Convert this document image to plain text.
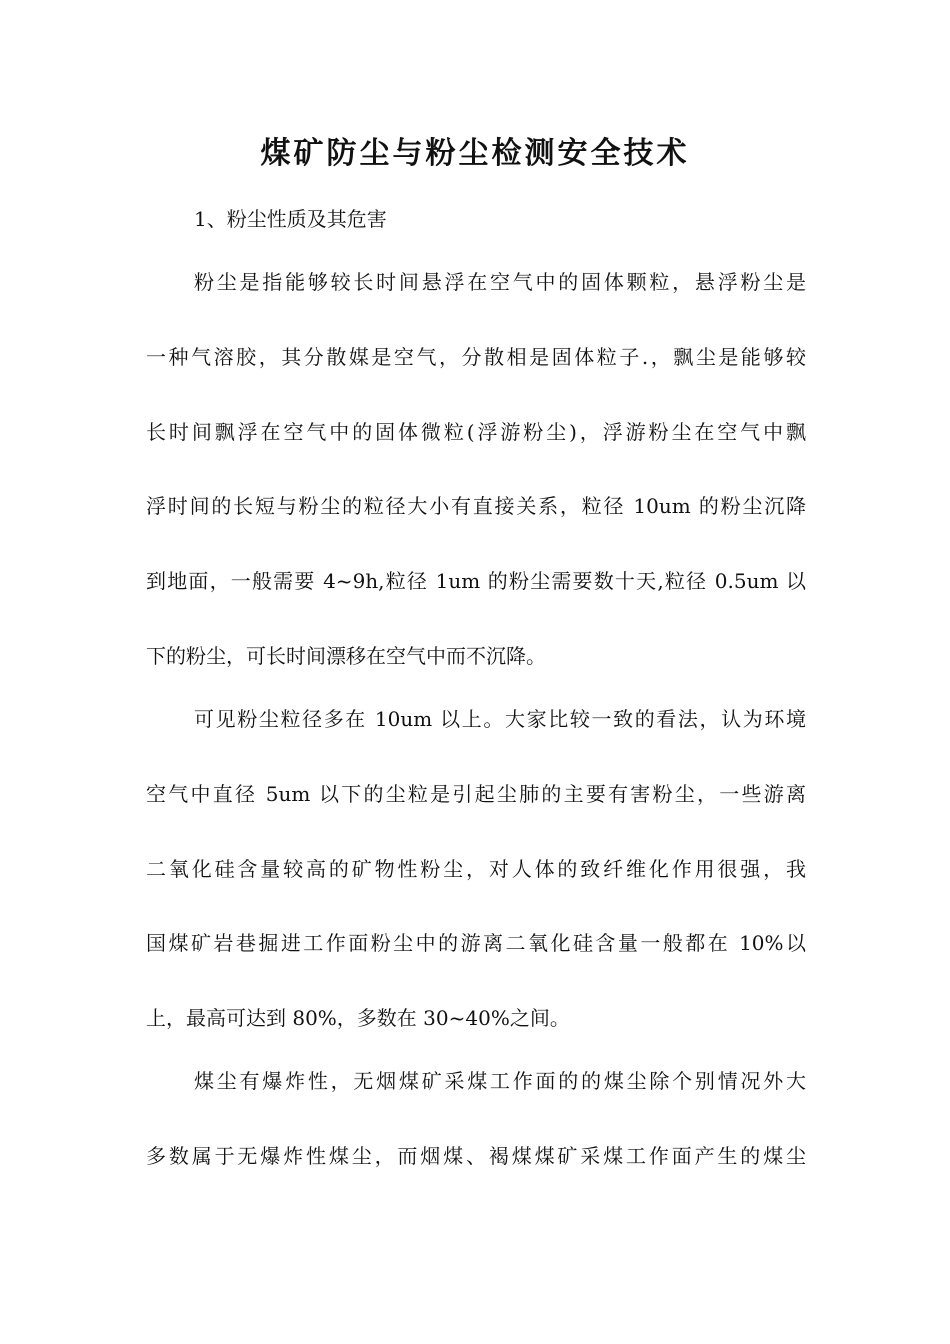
煤矿防尘与粉尘检测安全技术

1、粉尘性质及其危害

粉尘是指能够较长时间悬浮在空气中的固体颗粒，悬浮粉尘是

一种气溶胶，其分散媒是空气，分散相是固体粒子.，飘尘是能够较

长时间飘浮在空气中的固体微粒(浮游粉尘)，浮游粉尘在空气中飘

浮时间的长短与粉尘的粒径大小有直接关系，粒径 10um 的粉尘沉降

到地面，一般需要 4~9h,粒径 1um 的粉尘需要数十天,粒径 0.5um 以

下的粉尘，可长时间漂移在空气中而不沉降。

可见粉尘粒径多在 10um 以上。大家比较一致的看法，认为环境

空气中直径 5um 以下的尘粒是引起尘肺的主要有害粉尘，一些游离

二氧化硅含量较高的矿物性粉尘，对人体的致纤维化作用很强，我

国煤矿岩巷掘进工作面粉尘中的游离二氧化硅含量一般都在 10%以

上，最高可达到 80%，多数在 30~40%之间。

煤尘有爆炸性，无烟煤矿采煤工作面的的煤尘除个别情况外大

多数属于无爆炸性煤尘，而烟煤、褐煤煤矿采煤工作面产生的煤尘
